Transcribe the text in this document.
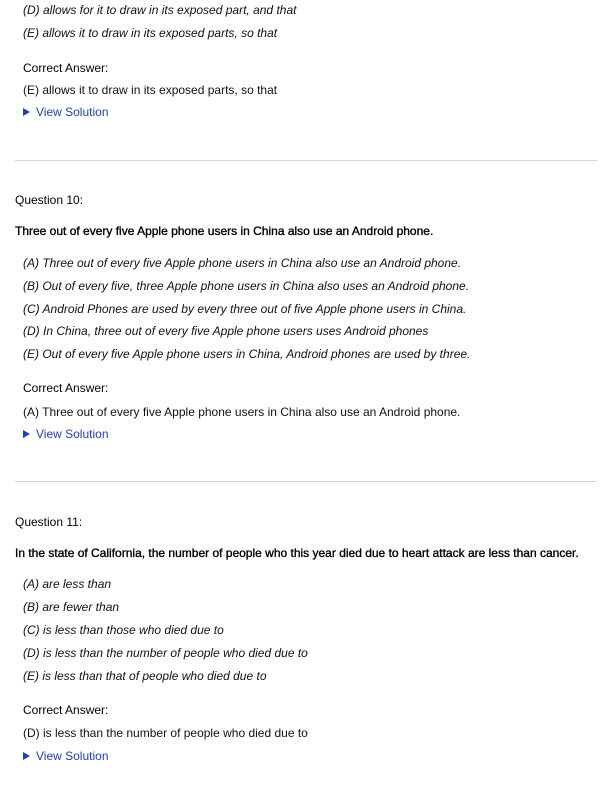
(D) allows for it to draw in its exposed part, and that
(E) allows it to draw in its exposed parts, so that
Correct Answer:
(E) allows it to draw in its exposed parts, so that
View Solution
Question 10:
Three out of every five Apple phone users in China also use an Android phone.
(A) Three out of every five Apple phone users in China also use an Android phone.
(B) Out of every five, three Apple phone users in China also uses an Android phone.
(C) Android Phones are used by every three out of five Apple phone users in China.
(D) In China, three out of every five Apple phone users uses Android phones
(E) Out of every five Apple phone users in China, Android phones are used by three.
Correct Answer:
(A) Three out of every five Apple phone users in China also use an Android phone.
View Solution
Question 11:
In the state of California, the number of people who this year died due to heart attack are less than cancer.
(A) are less than
(B) are fewer than
(C) is less than those who died due to
(D) is less than the number of people who died due to
(E) is less than that of people who died due to
Correct Answer:
(D) is less than the number of people who died due to
View Solution
